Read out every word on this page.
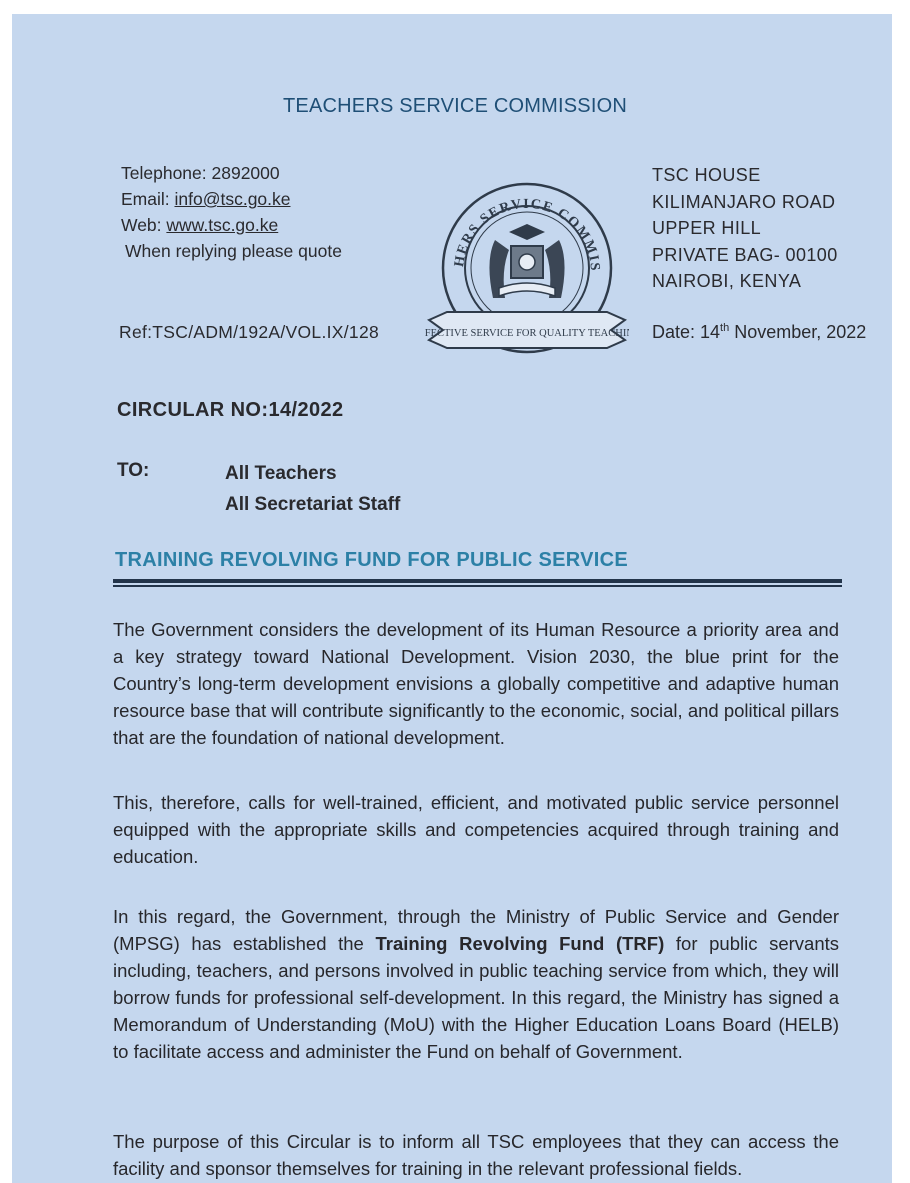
TEACHERS SERVICE COMMISSION
Telephone: 2892000
Email: info@tsc.go.ke
Web: www.tsc.go.ke
When replying please quote
TSC HOUSE
KILIMANJARO ROAD
UPPER HILL
PRIVATE BAG- 00100
NAIROBI, KENYA
HERS SERVICE COMMIS
FECTIVE SERVICE FOR QUALITY TEACHI
Ref:TSC/ADM/192A/VOL.IX/128	Date: 14th November, 2022
CIRCULAR NO:14/2022
TO:	All Teachers
All Secretariat Staff
TRAINING REVOLVING FUND FOR PUBLIC SERVICE
The Government considers the development of its Human Resource a priority area and a key strategy toward National Development. Vision 2030, the blue print for the Country’s long-term development envisions a globally competitive and adaptive human resource base that will contribute significantly to the economic, social, and political pillars that are the foundation of national development.
This, therefore, calls for well-trained, efficient, and motivated public service personnel equipped with the appropriate skills and competencies acquired through training and education.
In this regard, the Government, through the Ministry of Public Service and Gender (MPSG) has established the Training Revolving Fund (TRF) for public servants including, teachers, and persons involved in public teaching service from which, they will borrow funds for professional self-development. In this regard, the Ministry has signed a Memorandum of Understanding (MoU) with the Higher Education Loans Board (HELB) to facilitate access and administer the Fund on behalf of Government.
The purpose of this Circular is to inform all TSC employees that they can access the facility and sponsor themselves for training in the relevant professional fields.
